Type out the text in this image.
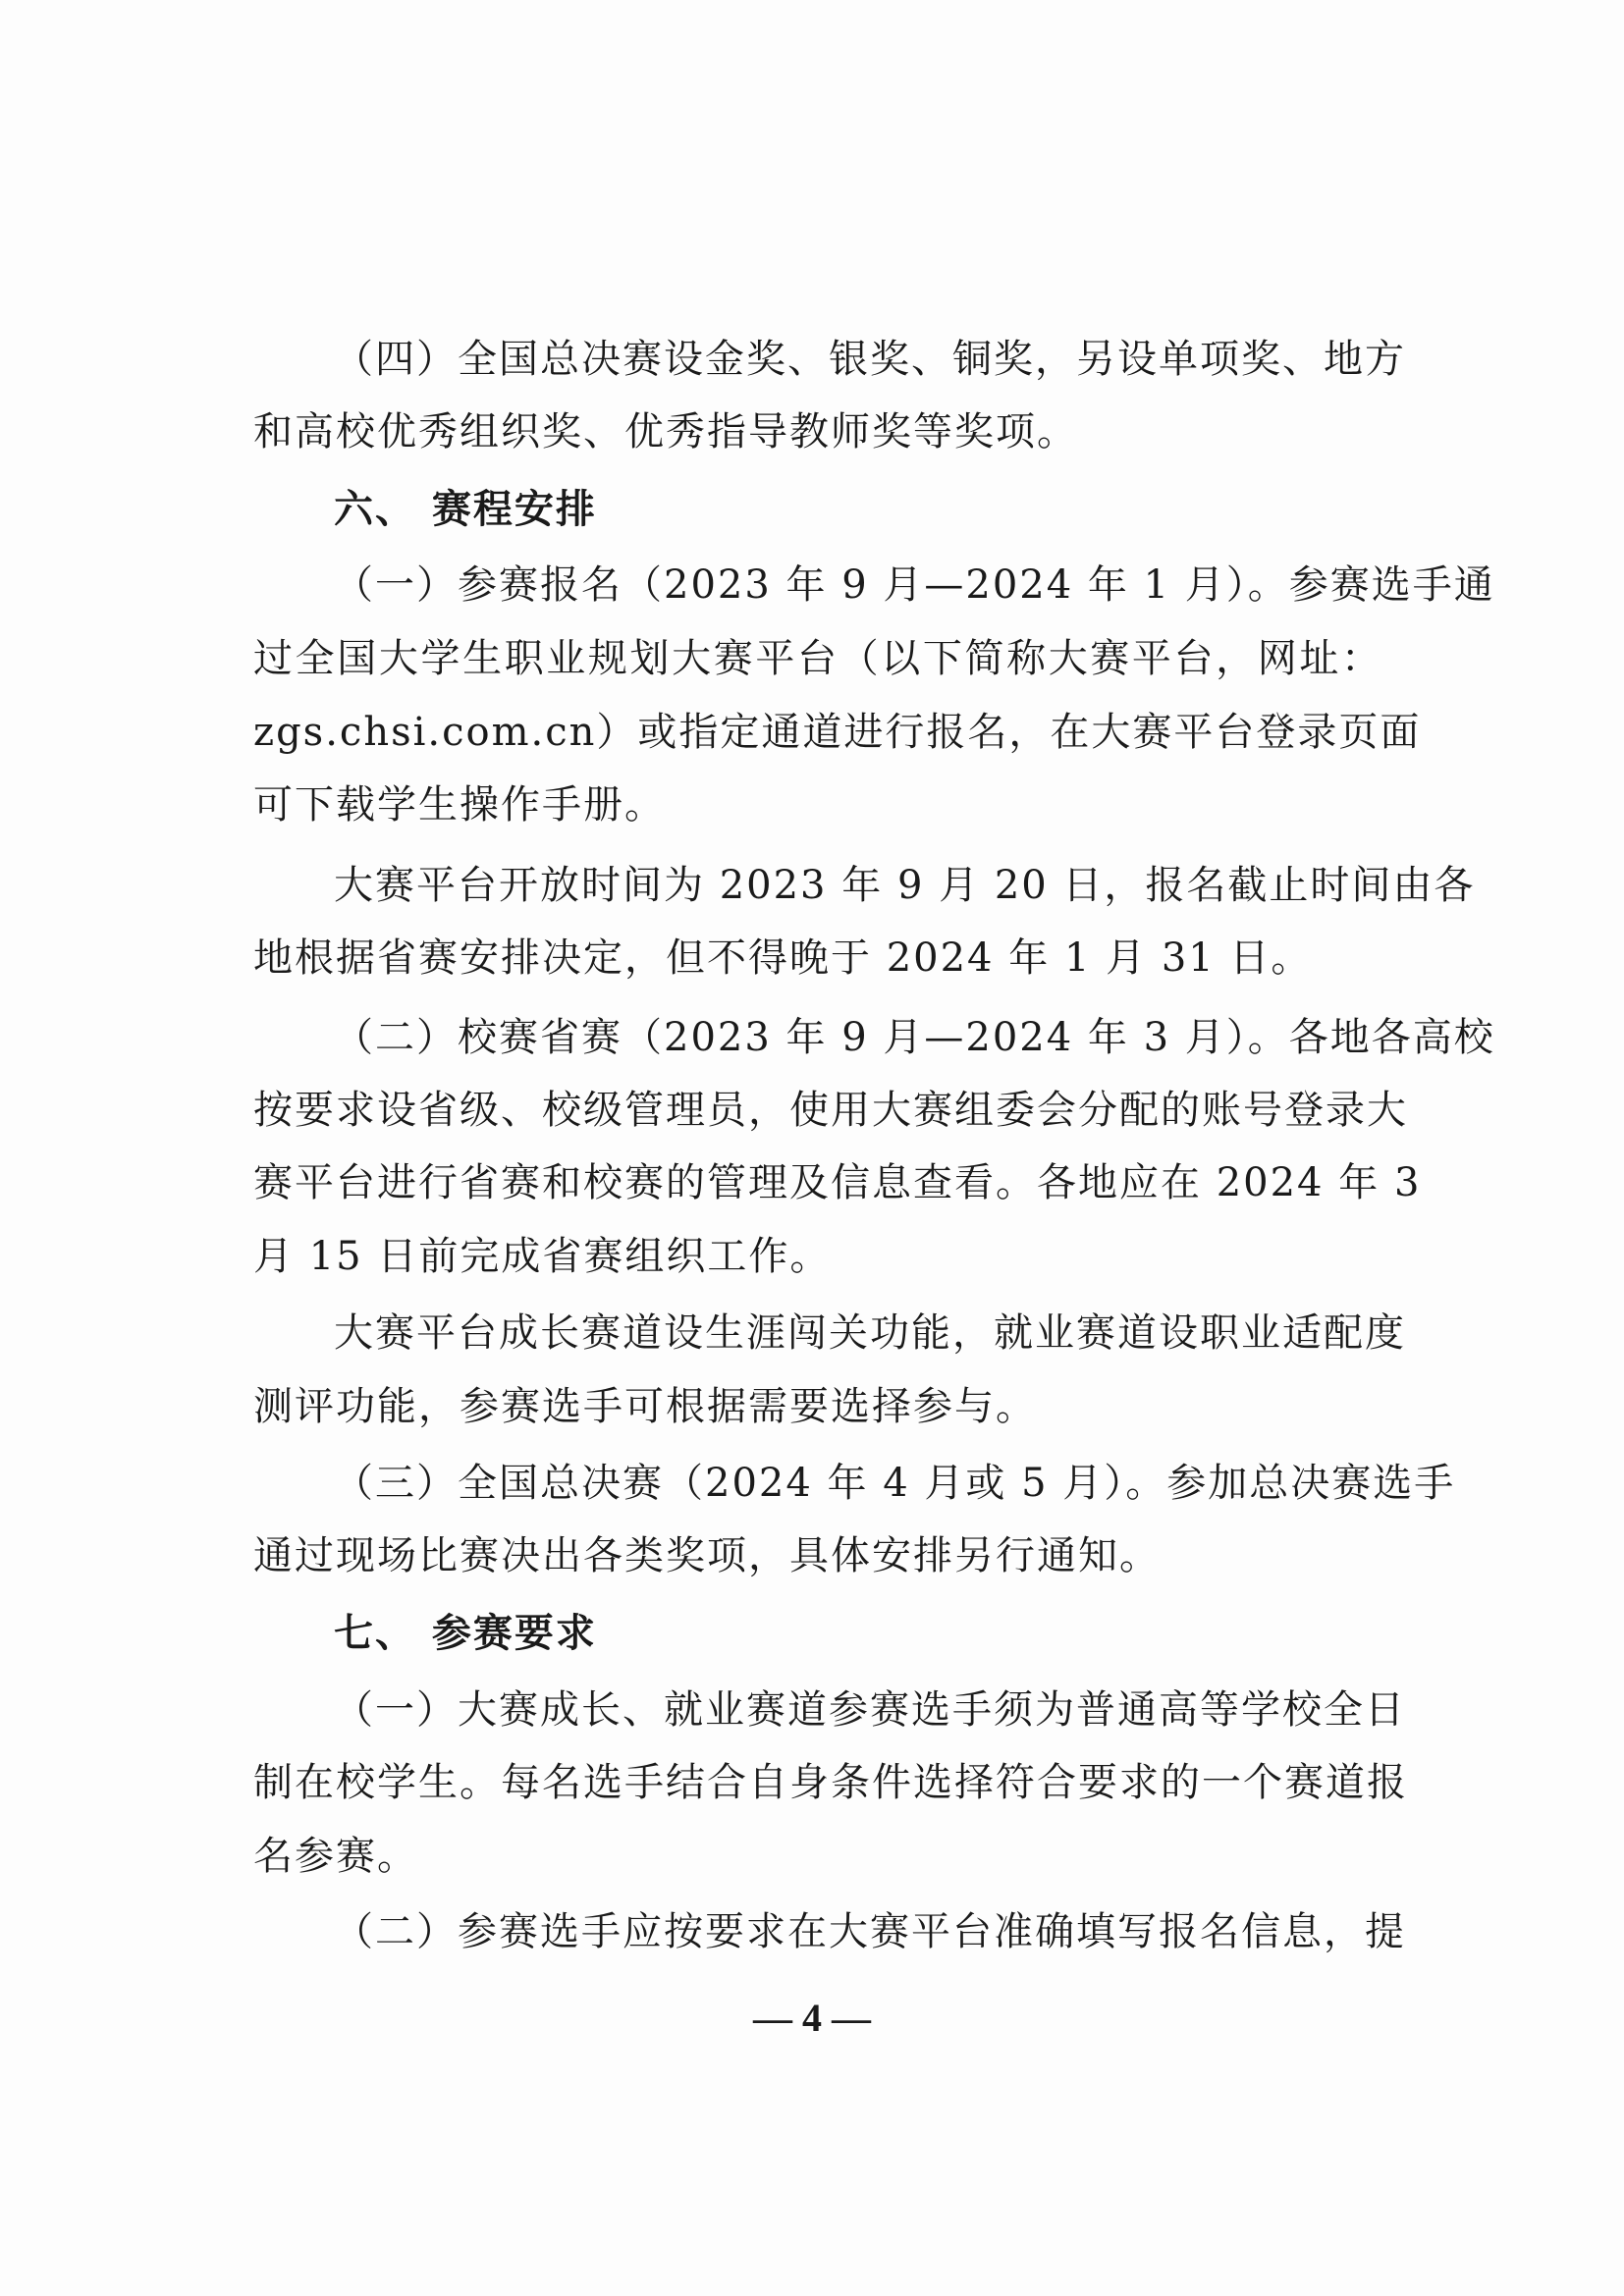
（四）全国总决赛设金奖、银奖、铜奖，另设单项奖、地方
和高校优秀组织奖、优秀指导教师奖等奖项。
六、 赛程安排
（一）参赛报名（2023 年 9 月—2024 年 1 月）。参赛选手通
过全国大学生职业规划大赛平台（以下简称大赛平台，网址：
zgs.chsi.com.cn）或指定通道进行报名，在大赛平台登录页面
可下载学生操作手册。
大赛平台开放时间为 2023 年 9 月 20 日，报名截止时间由各
地根据省赛安排决定，但不得晚于 2024 年 1 月 31 日。
（二）校赛省赛（2023 年 9 月—2024 年 3 月）。各地各高校
按要求设省级、校级管理员，使用大赛组委会分配的账号登录大
赛平台进行省赛和校赛的管理及信息查看。各地应在 2024 年 3
月 15 日前完成省赛组织工作。
大赛平台成长赛道设生涯闯关功能，就业赛道设职业适配度
测评功能，参赛选手可根据需要选择参与。
（三）全国总决赛（2024 年 4 月或 5 月）。参加总决赛选手
通过现场比赛决出各类奖项，具体安排另行通知。
七、 参赛要求
（一）大赛成长、就业赛道参赛选手须为普通高等学校全日
制在校学生。每名选手结合自身条件选择符合要求的一个赛道报
名参赛。
（二）参赛选手应按要求在大赛平台准确填写报名信息，提
— 4 —
